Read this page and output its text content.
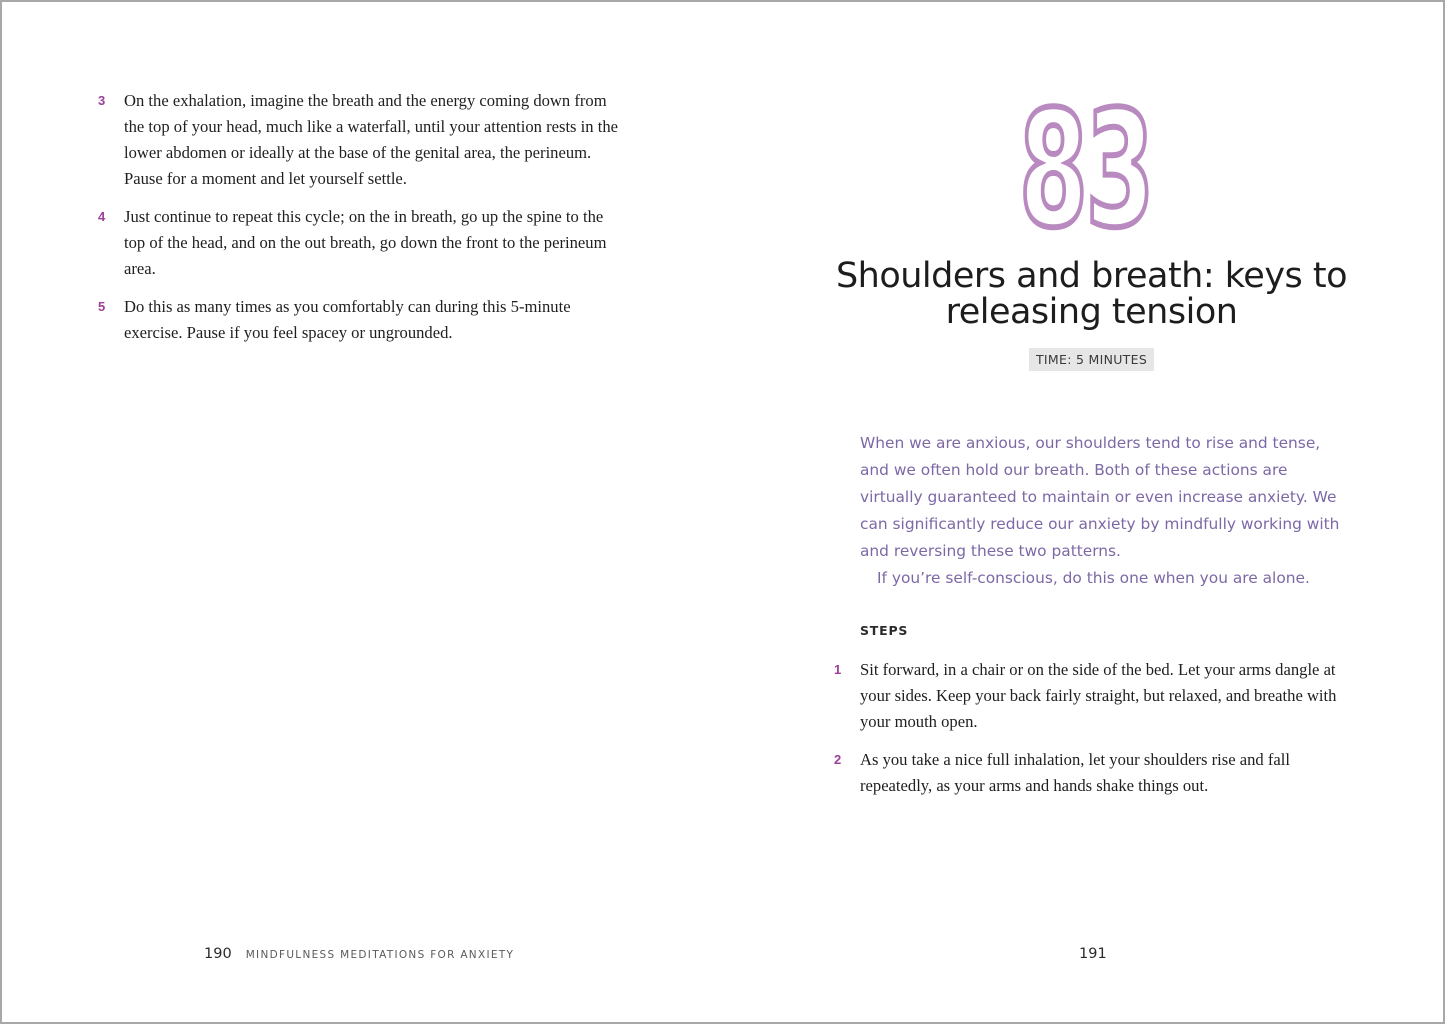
3	On the exhalation, imagine the breath and the energy coming down from the top of your head, much like a waterfall, until your attention rests in the lower abdomen or ideally at the base of the genital area, the perineum. Pause for a moment and let yourself settle.
4	Just continue to repeat this cycle; on the in breath, go up the spine to the top of the head, and on the out breath, go down the front to the perineum area.
5	Do this as many times as you comfortably can during this 5-minute exercise. Pause if you feel spacey or ungrounded.
190 MINDFULNESS MEDITATIONS FOR ANXIETY
83
Shoulders and breath: keys to releasing tension
TIME: 5 MINUTES

When we are anxious, our shoulders tend to rise and tense, and we often hold our breath. Both of these actions are virtually guaranteed to maintain or even increase anxiety. We can significantly reduce our anxiety by mindfully working with and reversing these two patterns.

If you’re self-conscious, do this one when you are alone.

STEPS
1	Sit forward, in a chair or on the side of the bed. Let your arms dangle at your sides. Keep your back fairly straight, but relaxed, and breathe with your mouth open.
2	As you take a nice full inhalation, let your shoulders rise and fall repeatedly, as your arms and hands shake things out.
191
